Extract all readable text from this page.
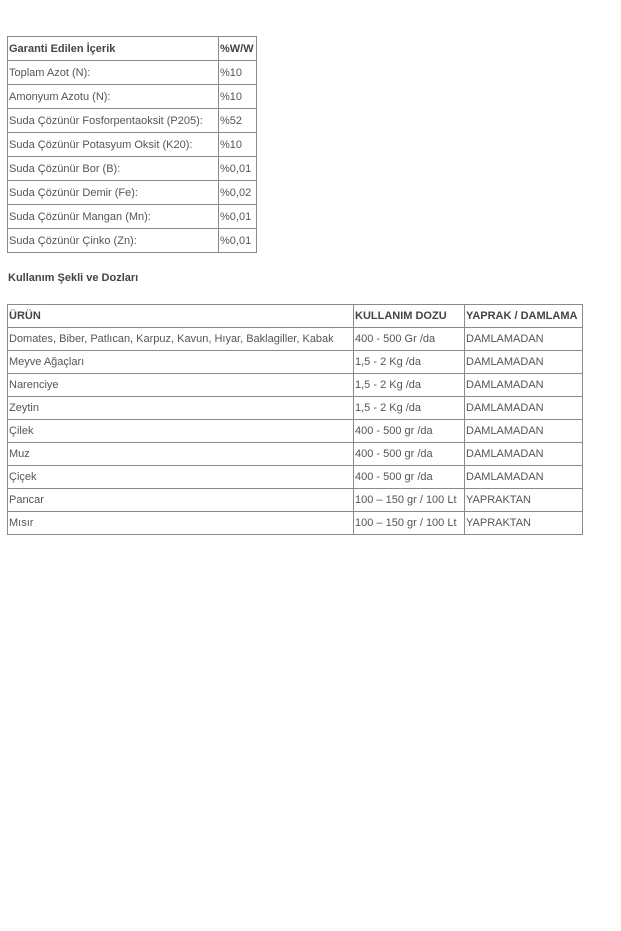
Garanti Edilen İçerik	%W/W
Toplam Azot (N):	%10
Amonyum Azotu (N):	%10
Suda Çözünür Fosforpentaoksit (P205):	%52
Suda Çözünür Potasyum Oksit (K20):	%10
Suda Çözünür Bor (B):	%0,01
Suda Çözünür Demir (Fe):	%0,02
Suda Çözünür Mangan (Mn):	%0,01
Suda Çözünür Çinko (Zn):	%0,01
Kullanım Şekli ve Dozları
ÜRÜN	KULLANIM DOZU	YAPRAK / DAMLAMA
Domates, Biber, Patlıcan, Karpuz, Kavun, Hıyar, Baklagiller, Kabak	400 - 500 Gr /da	DAMLAMADAN
Meyve Ağaçları	1,5 - 2 Kg /da	DAMLAMADAN
Narenciye	1,5 - 2 Kg /da	DAMLAMADAN
Zeytin	1,5 - 2 Kg /da	DAMLAMADAN
Çilek	400 - 500 gr /da	DAMLAMADAN
Muz	400 - 500 gr /da	DAMLAMADAN
Çiçek	400 - 500 gr /da	DAMLAMADAN
Pancar	100 – 150 gr / 100 Lt	YAPRAKTAN
Mısır	100 – 150 gr / 100 Lt	YAPRAKTAN
